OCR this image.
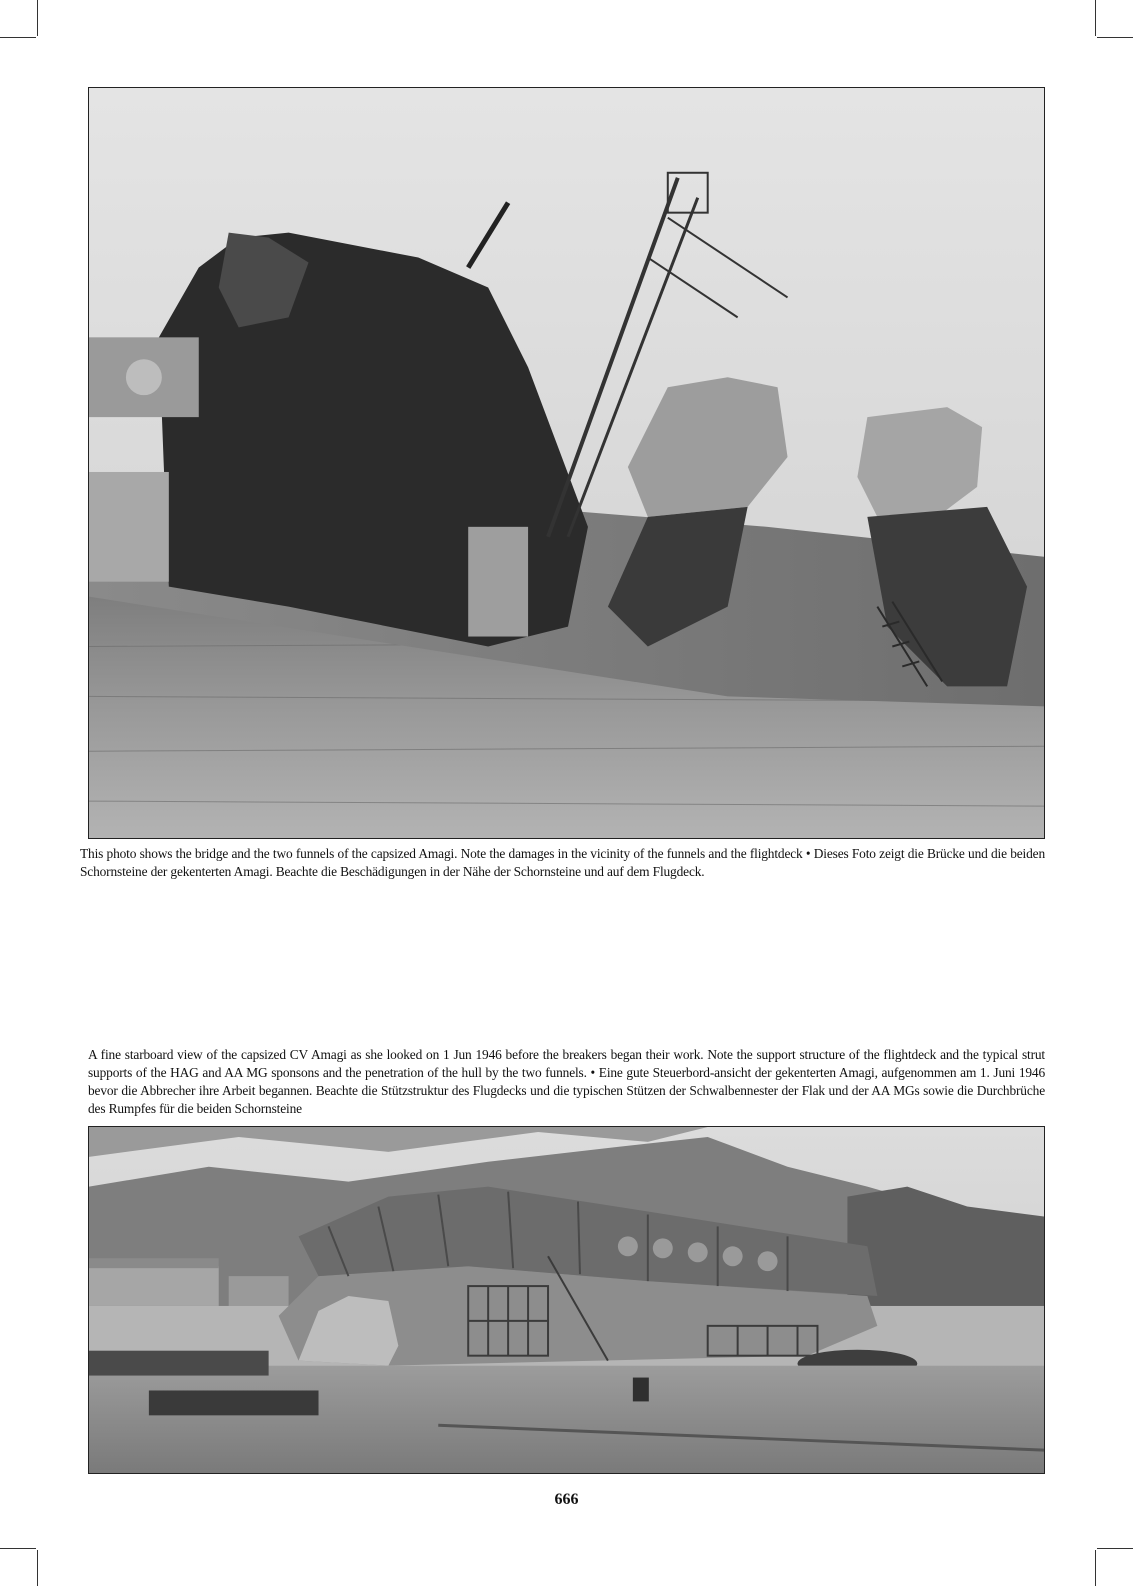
This photo shows the bridge and the two funnels of the capsized Amagi. Note the damages in the vicinity of the funnels and the flightdeck • Dieses Foto zeigt die Brücke und die beiden Schornsteine der gekenterten Amagi. Beachte die Beschädigungen in der Nähe der Schornsteine und auf dem Flugdeck.

A fine starboard view of the capsized CV Amagi as she looked on 1 Jun 1946 before the breakers began their work. Note the support structure of the flightdeck and the typical strut supports of the HAG and AA MG sponsons and the penetration of the hull by the two funnels. • Eine gute Steuerbord-ansicht der gekenterten Amagi, aufgenommen am 1. Juni 1946 bevor die Abbrecher ihre Arbeit begannen. Beachte die Stützstruktur des Flugdecks und die typischen Stützen der Schwalbennester der Flak und der AA MGs sowie die Durchbrüche des Rumpfes für die beiden Schornsteine

666
